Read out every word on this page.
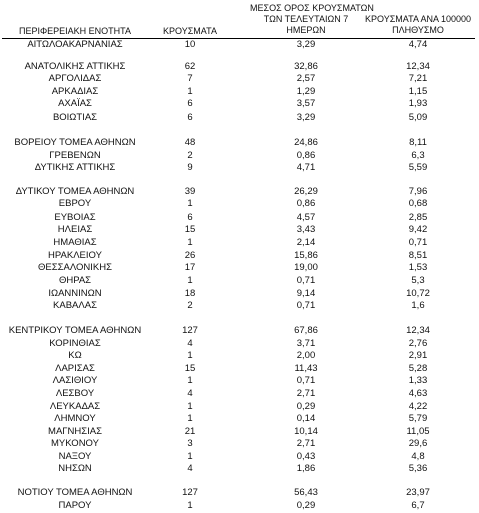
ΠΕΡΙΦΕΡΕΙΑΚΗ ΕΝΟΤΗΤΑ	ΚΡΟΥΣΜΑΤΑ
ΜΕΣΟΣ ΟΡΟΣ ΚΡΟΥΣΜΑΤΩΝ
ΤΩΝ ΤΕΛΕΥΤΑΙΩΝ 7
ΗΜΕΡΩΝ
ΚΡΟΥΣΜΑΤΑ ΑΝΑ 100000
ΠΛΗΘΥΣΜΟ
ΑΙΤΩΛΟΑΚΑΡΝΑΝΙΑΣ	10	3,29	4,74
ΑΝΑΤΟΛΙΚΗΣ ΑΤΤΙΚΗΣ	62	32,86	12,34
ΑΡΓΟΛΙΔΑΣ	7	2,57	7,21
ΑΡΚΑΔΙΑΣ	1	1,29	1,15
ΑΧΑΪΑΣ	6	3,57	1,93
ΒΟΙΩΤΙΑΣ	6	3,29	5,09
ΒΟΡΕΙΟΥ ΤΟΜΕΑ ΑΘΗΝΩΝ	48	24,86	8,11
ΓΡΕΒΕΝΩΝ	2	0,86	6,3
ΔΥΤΙΚΗΣ ΑΤΤΙΚΗΣ	9	4,71	5,59
ΔΥΤΙΚΟΥ ΤΟΜΕΑ ΑΘΗΝΩΝ	39	26,29	7,96
ΕΒΡΟΥ	1	0,86	0,68
ΕΥΒΟΙΑΣ	6	4,57	2,85
ΗΛΕΙΑΣ	15	3,43	9,42
ΗΜΑΘΙΑΣ	1	2,14	0,71
ΗΡΑΚΛΕΙΟΥ	26	15,86	8,51
ΘΕΣΣΑΛΟΝΙΚΗΣ	17	19,00	1,53
ΘΗΡΑΣ	1	0,71	5,3
ΙΩΑΝΝΙΝΩΝ	18	9,14	10,72
ΚΑΒΑΛΑΣ	2	0,71	1,6
ΚΕΝΤΡΙΚΟΥ ΤΟΜΕΑ ΑΘΗΝΩΝ	127	67,86	12,34
ΚΟΡΙΝΘΙΑΣ	4	3,71	2,76
ΚΩ	1	2,00	2,91
ΛΑΡΙΣΑΣ	15	11,43	5,28
ΛΑΣΙΘΙΟΥ	1	0,71	1,33
ΛΕΣΒΟΥ	4	2,71	4,63
ΛΕΥΚΑΔΑΣ	1	0,29	4,22
ΛΗΜΝΟΥ	1	0,14	5,79
ΜΑΓΝΗΣΙΑΣ	21	10,14	11,05
ΜΥΚΟΝΟΥ	3	2,71	29,6
ΝΑΞΟΥ	1	0,43	4,8
ΝΗΣΩΝ	4	1,86	5,36
ΝΟΤΙΟΥ ΤΟΜΕΑ ΑΘΗΝΩΝ	127	56,43	23,97
ΠΑΡΟΥ	1	0,29	6,7
